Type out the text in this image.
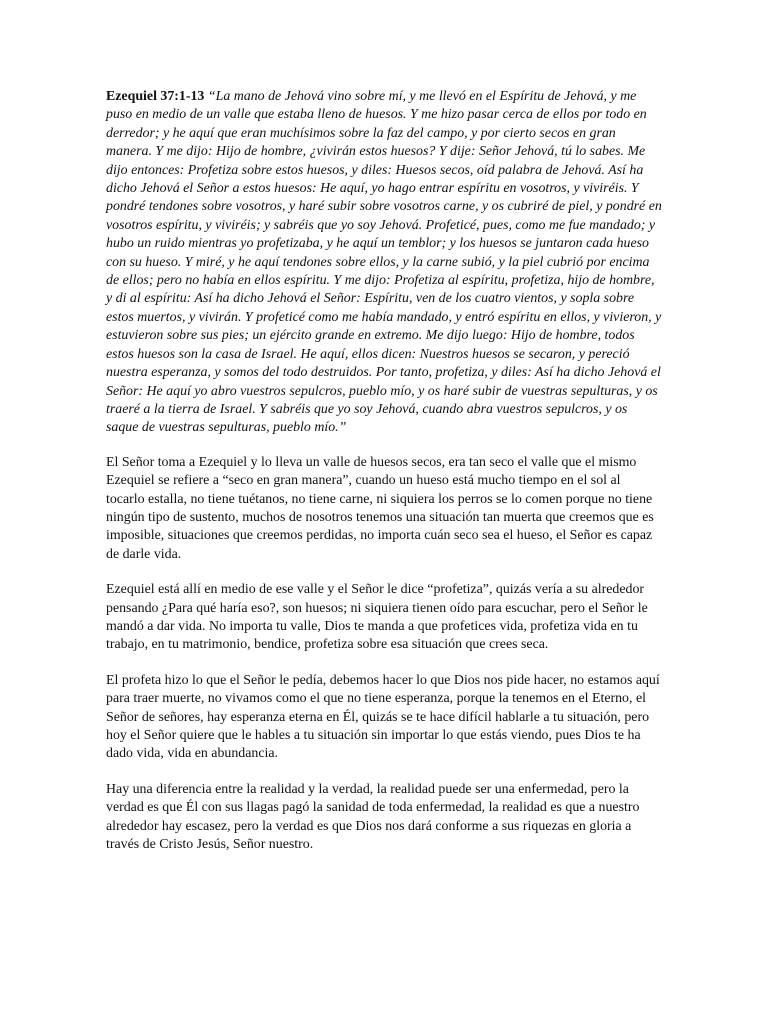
Ezequiel 37:1-13 “La mano de Jehová vino sobre mí, y me llevó en el Espíritu de Jehová, y me puso en medio de un valle que estaba lleno de huesos. Y me hizo pasar cerca de ellos por todo en derredor; y he aquí que eran muchísimos sobre la faz del campo, y por cierto secos en gran manera. Y me dijo: Hijo de hombre, ¿vivirán estos huesos? Y dije: Señor Jehová, tú lo sabes. Me dijo entonces: Profetiza sobre estos huesos, y diles: Huesos secos, oíd palabra de Jehová. Así ha dicho Jehová el Señor a estos huesos: He aquí, yo hago entrar espíritu en vosotros, y viviréis. Y pondré tendones sobre vosotros, y haré subir sobre vosotros carne, y os cubriré de piel, y pondré en vosotros espíritu, y viviréis; y sabréis que yo soy Jehová. Profeticé, pues, como me fue mandado; y hubo un ruido mientras yo profetizaba, y he aquí un temblor; y los huesos se juntaron cada hueso con su hueso. Y miré, y he aquí tendones sobre ellos, y la carne subió, y la piel cubrió por encima de ellos; pero no había en ellos espíritu. Y me dijo: Profetiza al espíritu, profetiza, hijo de hombre, y di al espíritu: Así ha dicho Jehová el Señor: Espíritu, ven de los cuatro vientos, y sopla sobre estos muertos, y vivirán. Y profeticé como me había mandado, y entró espíritu en ellos, y vivieron, y estuvieron sobre sus pies; un ejército grande en extremo. Me dijo luego: Hijo de hombre, todos estos huesos son la casa de Israel. He aquí, ellos dicen: Nuestros huesos se secaron, y pereció nuestra esperanza, y somos del todo destruidos. Por tanto, profetiza, y diles: Así ha dicho Jehová el Señor: He aquí yo abro vuestros sepulcros, pueblo mío, y os haré subir de vuestras sepulturas, y os traeré a la tierra de Israel. Y sabréis que yo soy Jehová, cuando abra vuestros sepulcros, y os saque de vuestras sepulturas, pueblo mío.”

El Señor toma a Ezequiel y lo lleva un valle de huesos secos, era tan seco el valle que el mismo Ezequiel se refiere a “seco en gran manera”, cuando un hueso está mucho tiempo en el sol al tocarlo estalla, no tiene tuétanos, no tiene carne, ni siquiera los perros se lo comen porque no tiene ningún tipo de sustento, muchos de nosotros tenemos una situación tan muerta que creemos que es imposible, situaciones que creemos perdidas, no importa cuán seco sea el hueso, el Señor es capaz de darle vida.

Ezequiel está allí en medio de ese valle y el Señor le dice “profetiza”, quizás vería a su alrededor pensando ¿Para qué haría eso?, son huesos; ni siquiera tienen oído para escuchar, pero el Señor le mandó a dar vida. No importa tu valle, Dios te manda a que profetices vida, profetiza vida en tu trabajo, en tu matrimonio, bendice, profetiza sobre esa situación que crees seca.

El profeta hizo lo que el Señor le pedía, debemos hacer lo que Dios nos pide hacer, no estamos aquí para traer muerte, no vivamos como el que no tiene esperanza, porque la tenemos en el Eterno, el Señor de señores, hay esperanza eterna en Él, quizás se te hace difícil hablarle a tu situación, pero hoy el Señor quiere que le hables a tu situación sin importar lo que estás viendo, pues Dios te ha dado vida, vida en abundancia.

Hay una diferencia entre la realidad y la verdad, la realidad puede ser una enfermedad, pero la verdad es que Él con sus llagas pagó la sanidad de toda enfermedad, la realidad es que a nuestro alrededor hay escasez, pero la verdad es que Dios nos dará conforme a sus riquezas en gloria a través de Cristo Jesús, Señor nuestro.
